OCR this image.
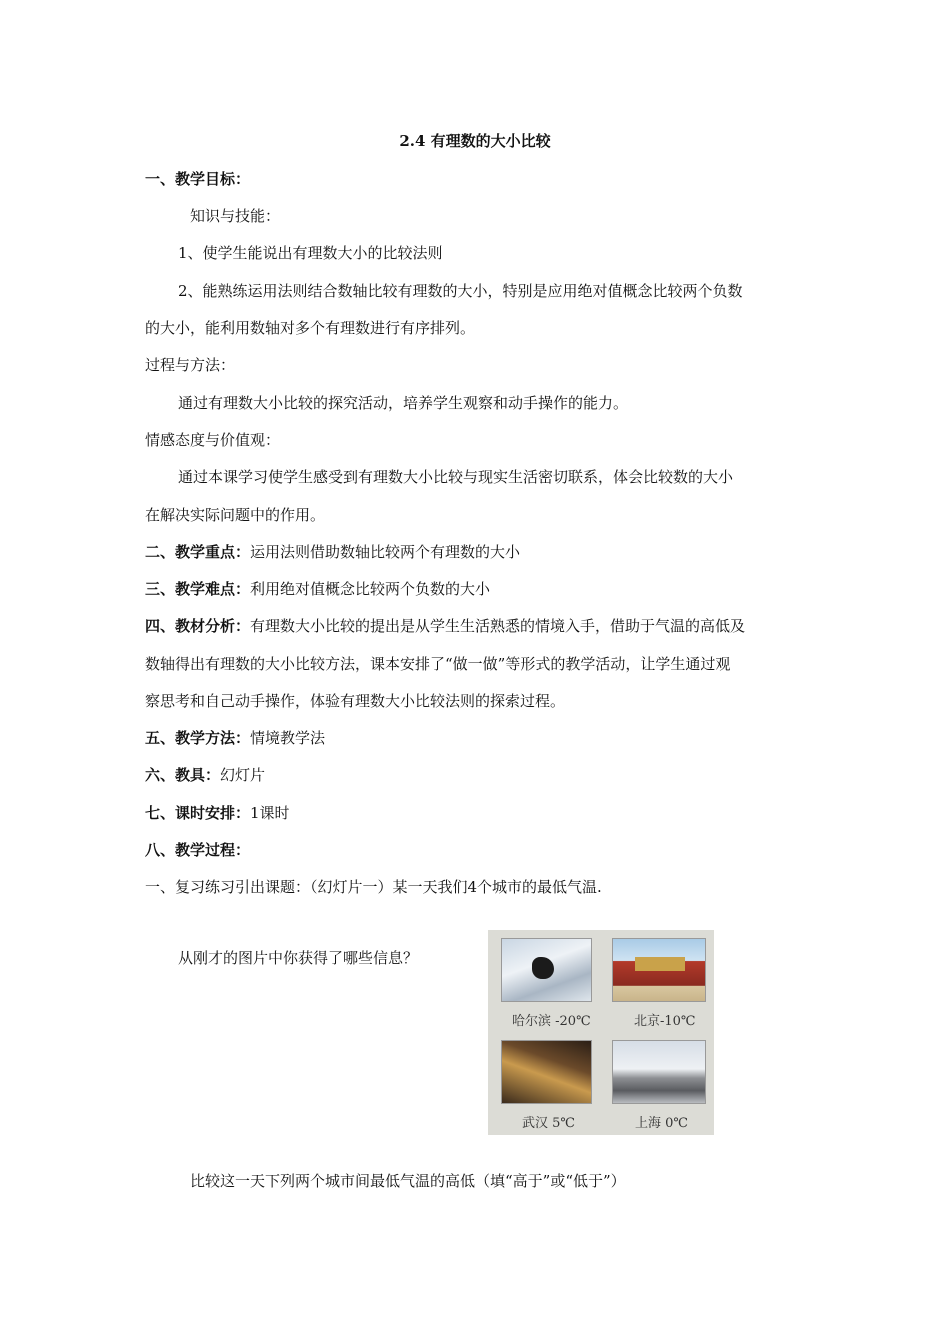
2.4 有理数的大小比较
一、教学目标：
知识与技能：
1、使学生能说出有理数大小的比较法则
2、能熟练运用法则结合数轴比较有理数的大小，特别是应用绝对值概念比较两个负数
的大小，能利用数轴对多个有理数进行有序排列。
过程与方法：
通过有理数大小比较的探究活动，培养学生观察和动手操作的能力。
情感态度与价值观：
通过本课学习使学生感受到有理数大小比较与现实生活密切联系，体会比较数的大小
在解决实际问题中的作用。
二、教学重点：运用法则借助数轴比较两个有理数的大小
三、教学难点：利用绝对值概念比较两个负数的大小
四、教材分析：有理数大小比较的提出是从学生生活熟悉的情境入手，借助于气温的高低及
数轴得出有理数的大小比较方法，课本安排了“做一做”等形式的教学活动，让学生通过观
察思考和自己动手操作，体验有理数大小比较法则的探索过程。
五、教学方法：情境教学法
六、教具：幻灯片
七、课时安排：1课时
八、教学过程：
一、复习练习引出课题：（幻灯片一）某一天我们4个城市的最低气温.
从刚才的图片中你获得了哪些信息？
哈尔滨 -20℃	北京-10℃
武汉 5℃	上海 0℃
比较这一天下列两个城市间最低气温的高低（填“高于”或“低于”）
